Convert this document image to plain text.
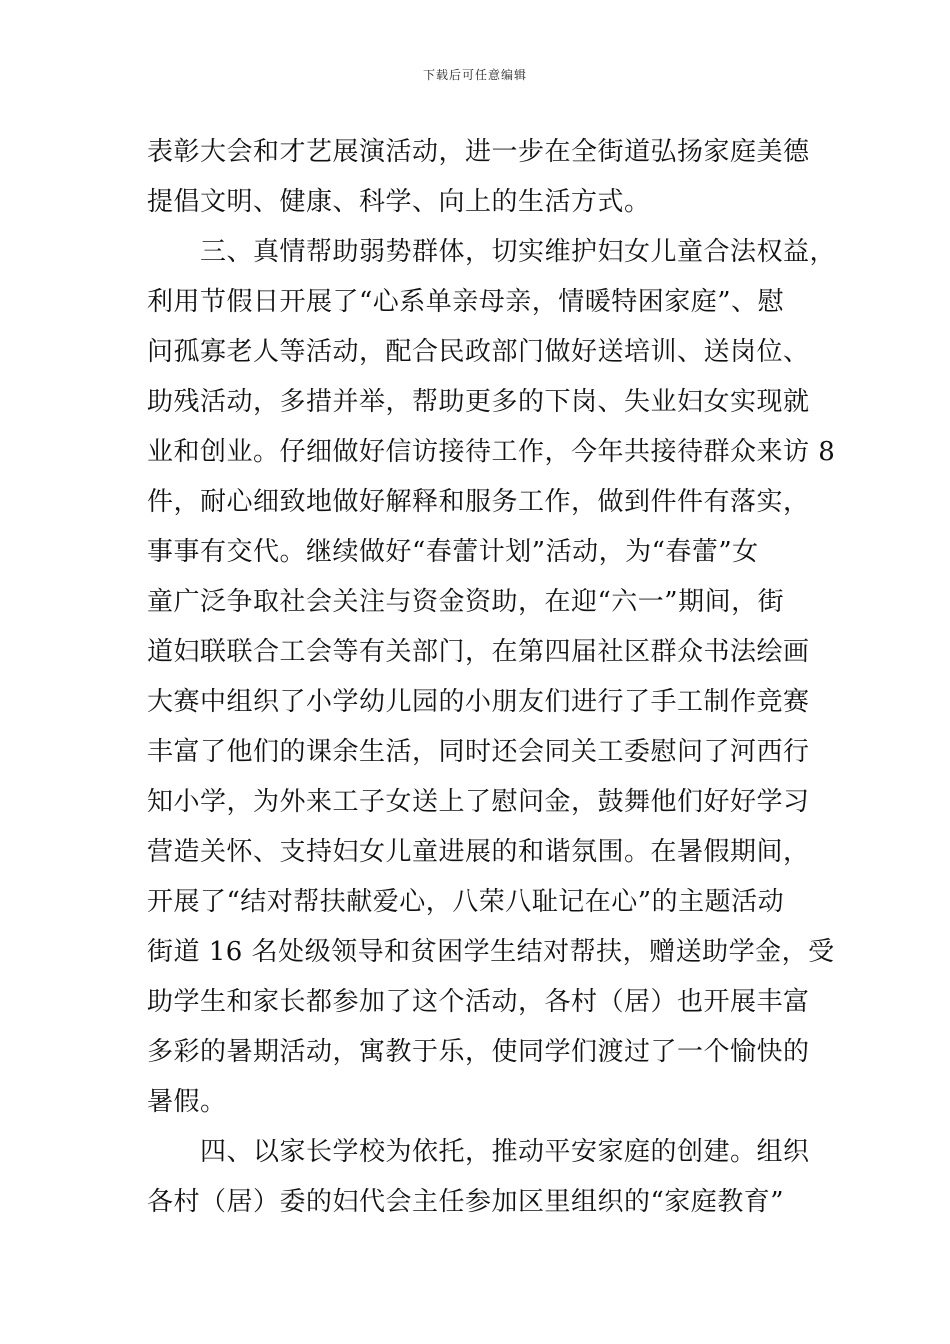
下载后可任意编辑
表彰大会和才艺展演活动，进一步在全街道弘扬家庭美德
提倡文明、健康、科学、向上的生活方式。
三、真情帮助弱势群体，切实维护妇女儿童合法权益，
利用节假日开展了“心系单亲母亲，情暖特困家庭”、慰
问孤寡老人等活动，配合民政部门做好送培训、送岗位、
助残活动，多措并举，帮助更多的下岗、失业妇女实现就
业和创业。仔细做好信访接待工作，今年共接待群众来访 8
件，耐心细致地做好解释和服务工作，做到件件有落实，
事事有交代。继续做好“春蕾计划”活动，为“春蕾”女
童广泛争取社会关注与资金资助，在迎“六一”期间，街
道妇联联合工会等有关部门，在第四届社区群众书法绘画
大赛中组织了小学幼儿园的小朋友们进行了手工制作竞赛
丰富了他们的课余生活，同时还会同关工委慰问了河西行
知小学，为外来工子女送上了慰问金，鼓舞他们好好学习
营造关怀、支持妇女儿童进展的和谐氛围。在暑假期间，
开展了“结对帮扶献爱心，八荣八耻记在心”的主题活动
街道 16 名处级领导和贫困学生结对帮扶，赠送助学金，受
助学生和家长都参加了这个活动，各村（居）也开展丰富
多彩的暑期活动，寓教于乐，使同学们渡过了一个愉快的
暑假。
四、以家长学校为依托，推动平安家庭的创建。组织
各村（居）委的妇代会主任参加区里组织的“家庭教育”
